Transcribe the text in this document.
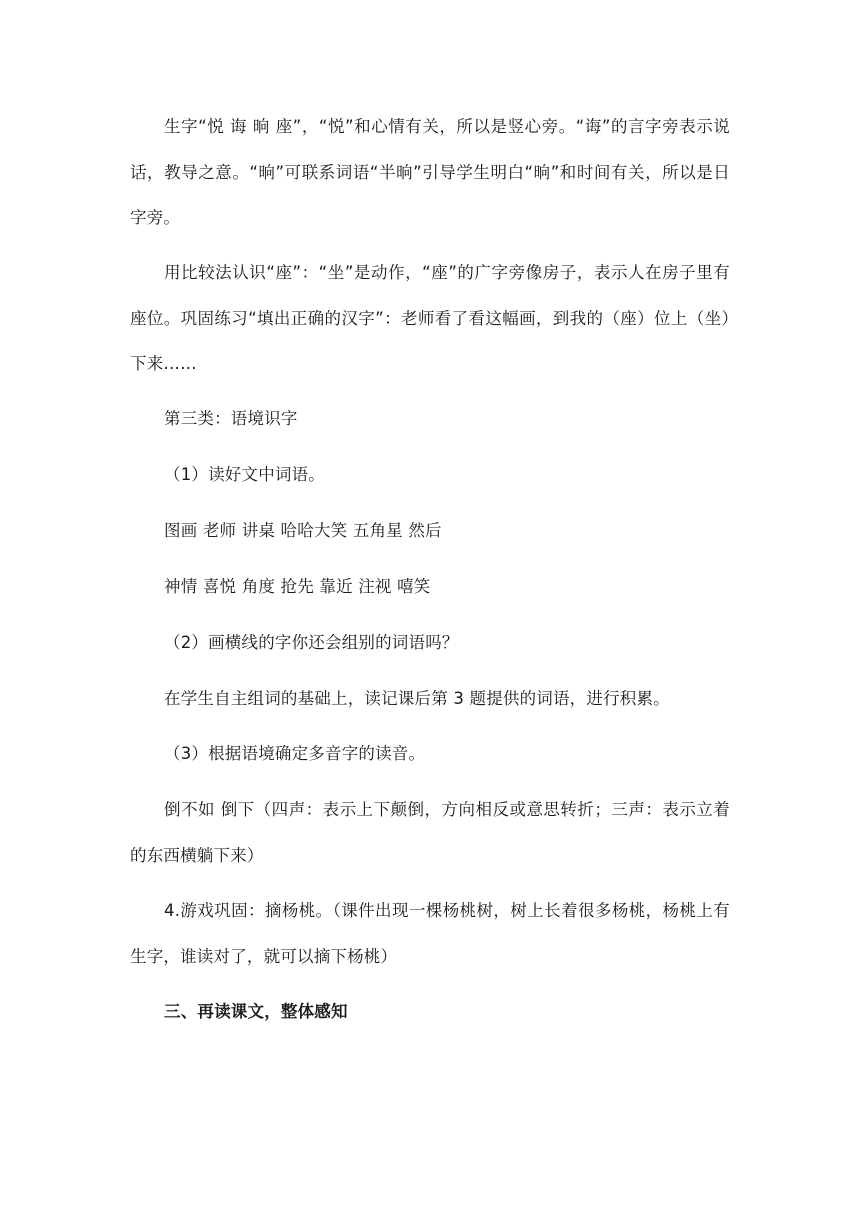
生字“悦 诲 晌 座”，“悦”和心情有关，所以是竖心旁。“诲”的言字旁表示说话，教导之意。“晌”可联系词语“半晌”引导学生明白“晌”和时间有关，所以是日字旁。

用比较法认识“座”：“坐”是动作，“座”的广字旁像房子，表示人在房子里有座位。巩固练习“填出正确的汉字”：老师看了看这幅画，到我的（座）位上（坐）下来……

第三类：语境识字

（1）读好文中词语。

图画 老师 讲桌 哈哈大笑 五角星 然后

神情 喜悦 角度 抢先 靠近 注视 嘻笑

（2）画横线的字你还会组别的词语吗？

在学生自主组词的基础上，读记课后第 3 题提供的词语，进行积累。

（3）根据语境确定多音字的读音。

倒不如 倒下（四声：表示上下颠倒，方向相反或意思转折；三声：表示立着的东西横躺下来）

4.游戏巩固：摘杨桃。（课件出现一棵杨桃树，树上长着很多杨桃，杨桃上有生字，谁读对了，就可以摘下杨桃）

三、再读课文，整体感知
